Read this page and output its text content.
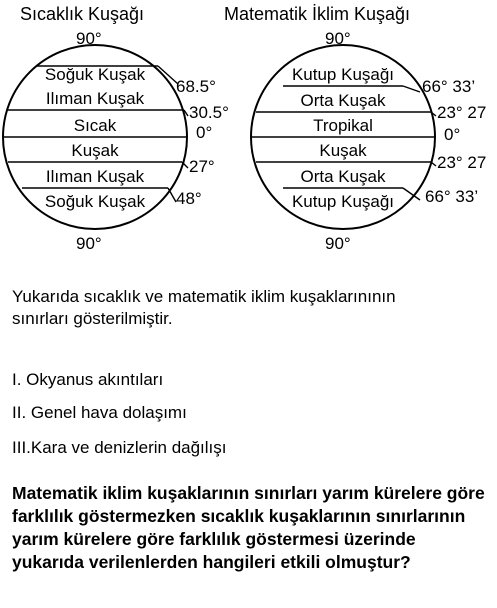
Sıcaklık Kuşağı
90°
Soğuk Kuşak
Ilıman Kuşak
Sıcak
Kuşak
Ilıman Kuşak
Soğuk Kuşak
68.5°
30.5°
0°
27°
48°
90°
Matematik İklim Kuşağı
90°
Kutup Kuşağı
Orta Kuşak
Tropikal
Kuşak
Orta Kuşak
Kutup Kuşağı
66° 33’
23° 27
0°
23° 27
66° 33’
90°
Yukarıda sıcaklık ve matematik iklim kuşaklarınının
sınırları gösterilmiştir.
I. Okyanus akıntıları
II. Genel hava dolaşımı
III.Kara ve denizlerin dağılışı
Matematik iklim kuşaklarının sınırları yarım kürelere göre farklılık göstermezken sıcaklık kuşaklarının sınırlarının yarım kürelere göre farklılık göstermesi üzerinde yukarıda verilenlerden hangileri etkili olmuştur?
